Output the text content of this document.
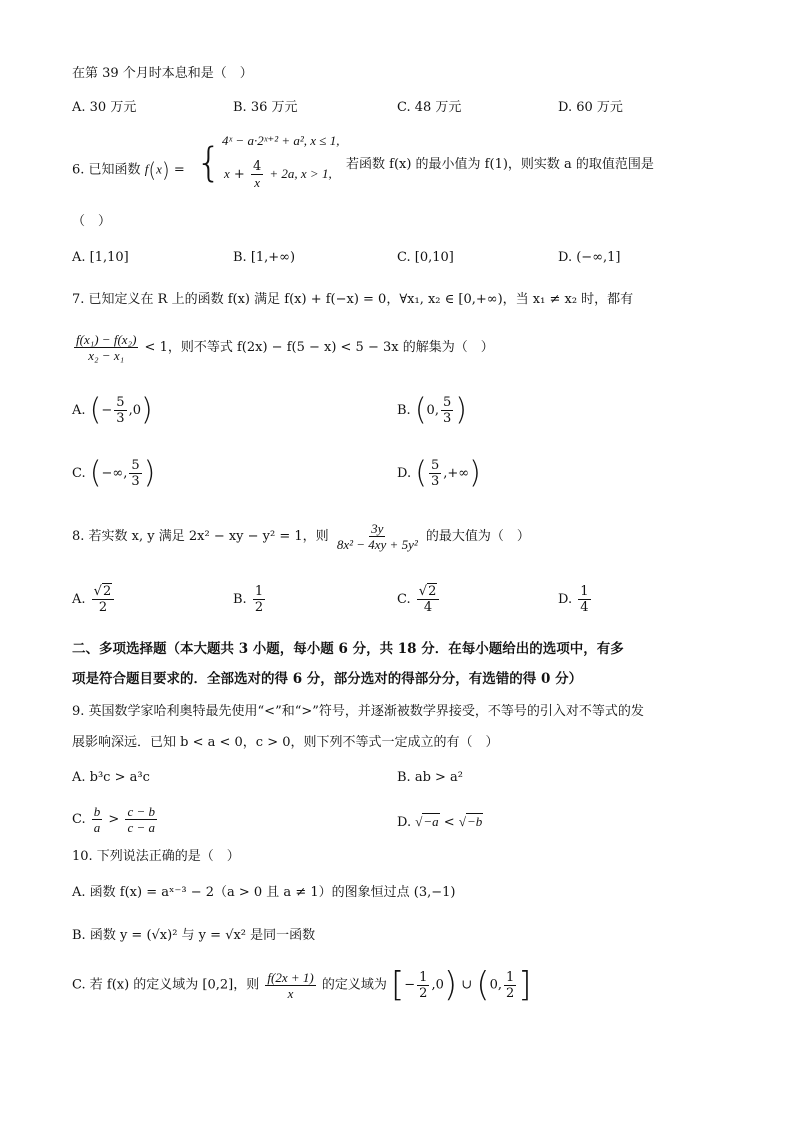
在第 39 个月时本息和是（　）
A. 30 万元	B. 36 万元	C. 48 万元	D. 60 万元
6. 已知函数 f(x) = { 4ˣ − a·2ˣ⁺² + a², x ≤ 1,
$x + \frac{4}{x} + 2a$, x > 1,
若函数 f(x) 的最小值为 f(1)，则实数 a 的取值范围是
（　）
A. [1,10]	B. [1,+∞)	C. [0,10]	D. (−∞,1]
7. 已知定义在 R 上的函数 f(x) 满足 f(x) + f(−x) = 0，∀x₁, x₂ ∈ [0,+∞)，当 x₁ ≠ x₂ 时，都有
$\frac{\text{f(x₁) − f(x₂)}}{\text{x₂ − x₁}} < 1$，则不等式 f(2x) − f(5 − x) < 5 − 3x 的解集为（　）
A. (− $\frac{5}{3} ,0$)	B. (0, $\frac{5}{3}$ )
C. (−∞, $\frac{5}{3}$ )	D. ( $\frac{5}{3}$ ,+∞)
8. 若实数 x, y 满足 2x² − xy − y² = 1，则 $\frac{3y}{\text{8x² − 4xy + 5y²}}$ 的最大值为（　）
A. $\frac{√2}{2}$	B. $\frac{1}{2}$	C. $\frac{√2}{4}$	D. $\frac{1}{4}$
二、多项选择题（本大题共 3 小题，每小题 6 分，共 18 分．在每小题给出的选项中，有多
项是符合题目要求的．全部选对的得 6 分，部分选对的得部分分，有选错的得 0 分）
9. 英国数学家哈利奥特最先使用“<”和“>”符号，并逐渐被数学界接受，不等号的引入对不等式的发
展影响深远．已知 b < a < 0，c > 0，则下列不等式一定成立的有（　）
A. b³c > a³c	B. ab > a²
C. $\frac{b}{a} > \frac{c - b}{c - a}$	D. √−a < √−b
10. 下列说法正确的是（　）
A. 函数 f(x) = aˣ⁻³ − 2（a > 0 且 a ≠ 1）的图象恒过点 (3,−1)
B. 函数 y = (√x)² 与 y = √x² 是同一函数
C. 若 f(x) 的定义域为 [0,2]，则 $\frac{f(2x + 1)}{x}$ 的定义域为 [− $\frac{1}{2} ,0$) ∪ (0, $\frac{1}{2}$ ]
